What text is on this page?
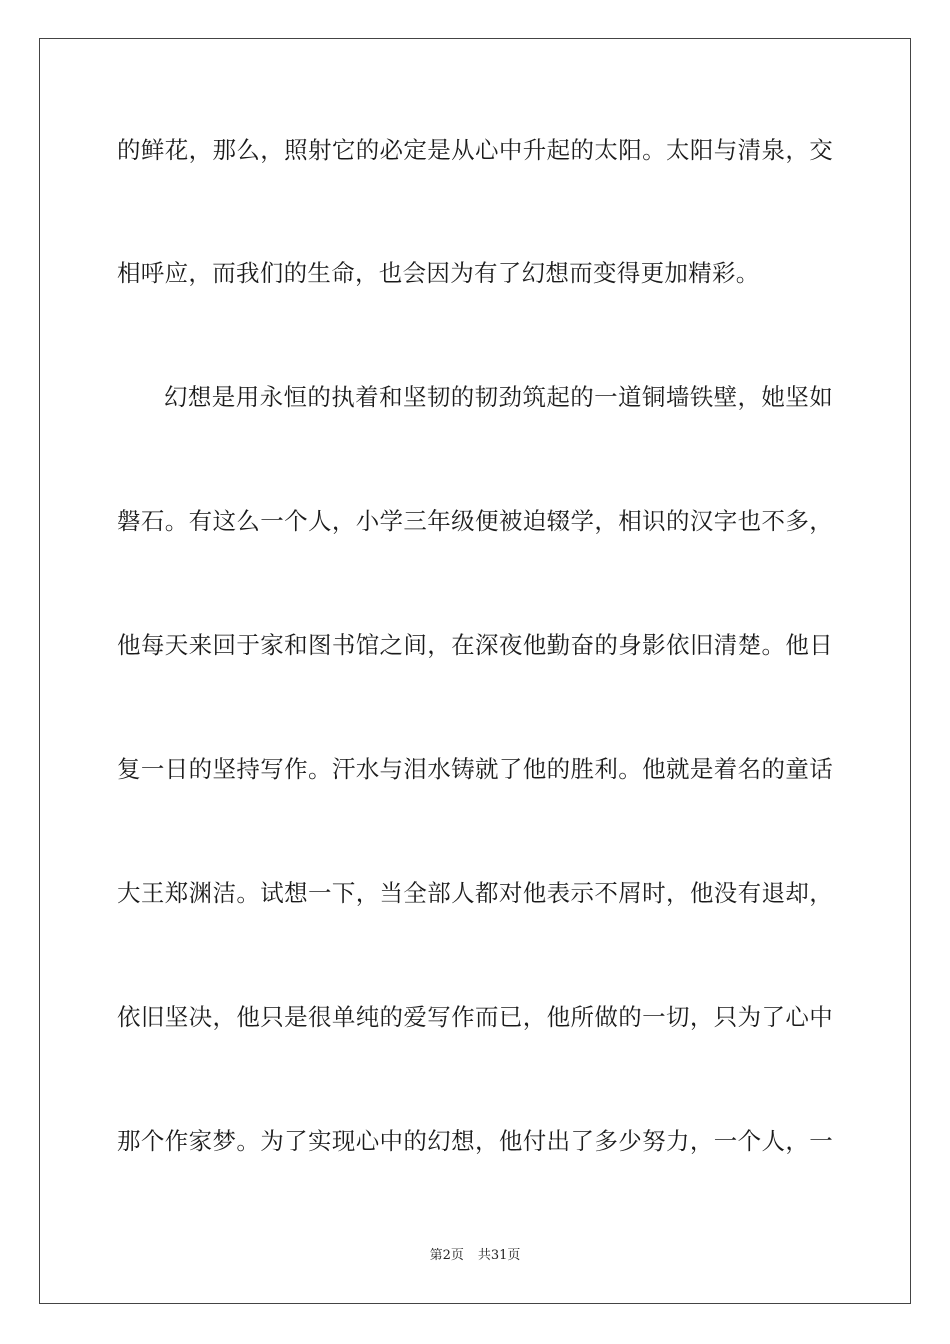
的鲜花，那么，照射它的必定是从心中升起的太阳。太阳与清泉，交
相呼应，而我们的生命，也会因为有了幻想而变得更加精彩。
幻想是用永恒的执着和坚韧的韧劲筑起的一道铜墙铁壁，她坚如
磐石。有这么一个人，小学三年级便被迫辍学，相识的汉字也不多，
他每天来回于家和图书馆之间，在深夜他勤奋的身影依旧清楚。他日
复一日的坚持写作。汗水与泪水铸就了他的胜利。他就是着名的童话
大王郑渊洁。试想一下，当全部人都对他表示不屑时，他没有退却，
依旧坚决，他只是很单纯的爱写作而已，他所做的一切，只为了心中
那个作家梦。为了实现心中的幻想，他付出了多少努力，一个人，一
第2页 共31页
